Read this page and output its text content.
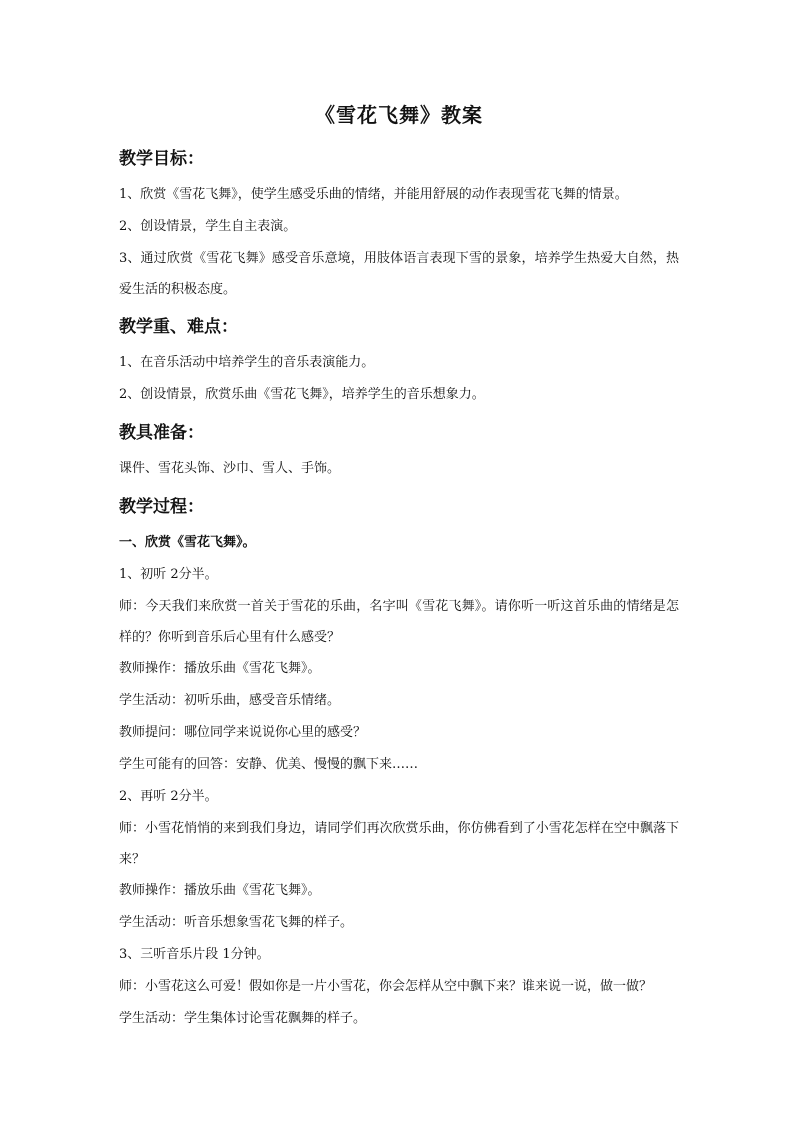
《雪花飞舞》教案
教学目标：

1、欣赏《雪花飞舞》，使学生感受乐曲的情绪，并能用舒展的动作表现雪花飞舞的情景。

2、创设情景，学生自主表演。

3、通过欣赏《雪花飞舞》感受音乐意境，用肢体语言表现下雪的景象，培养学生热爱大自然，热爱生活的积极态度。

教学重、难点：

1、在音乐活动中培养学生的音乐表演能力。

2、创设情景，欣赏乐曲《雪花飞舞》，培养学生的音乐想象力。

教具准备：

课件、雪花头饰、沙巾、雪人、手饰。

教学过程：

一、欣赏《雪花飞舞》。

1、初听 2分半。

师：今天我们来欣赏一首关于雪花的乐曲，名字叫《雪花飞舞》。请你听一听这首乐曲的情绪是怎样的？你听到音乐后心里有什么感受？

教师操作：播放乐曲《雪花飞舞》。

学生活动：初听乐曲，感受音乐情绪。

教师提问：哪位同学来说说你心里的感受？

学生可能有的回答：安静、优美、慢慢的飘下来……

2、再听 2分半。

师：小雪花悄悄的来到我们身边，请同学们再次欣赏乐曲，你仿佛看到了小雪花怎样在空中飘落下来？

教师操作：播放乐曲《雪花飞舞》。

学生活动：听音乐想象雪花飞舞的样子。

3、三听音乐片段 1分钟。

师：小雪花这么可爱！假如你是一片小雪花，你会怎样从空中飘下来？谁来说一说，做一做？

学生活动：学生集体讨论雪花飘舞的样子。
